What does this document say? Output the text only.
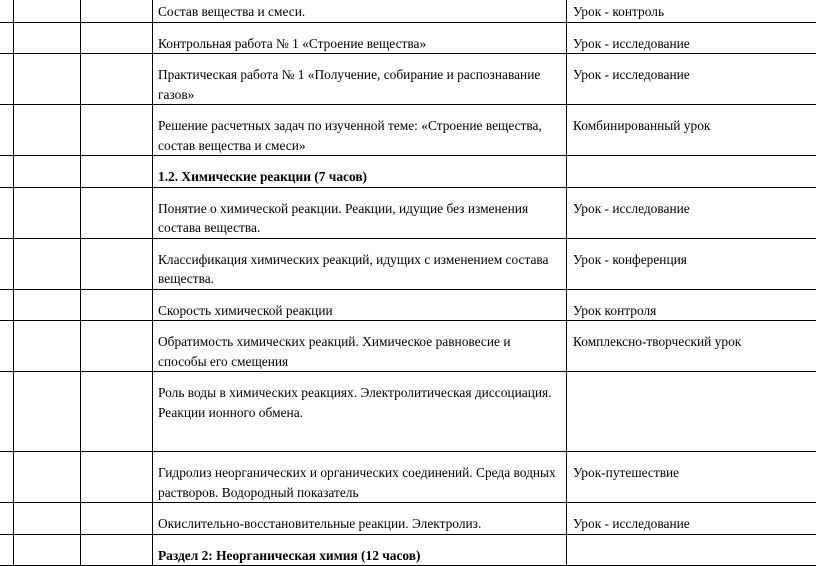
			Состав вещества и смеси.	Урок - контроль
			Контрольная работа № 1 «Строение вещества»	Урок - исследование
			Практическая работа № 1 «Получение, собирание и распознавание газов»	Урок - исследование
			Решение расчетных задач по изученной теме: «Строение вещества, состав вещества и смеси»	Комбинированный урок
			1.2. Химические реакции (7 часов)	
			Понятие о химической реакции. Реакции, идущие без изменения состава вещества.	Урок - исследование
			Классификация химических реакций, идущих с изменением состава вещества.	Урок - конференция
			Скорость химической реакции	Урок контроля
			Обратимость химических реакций. Химическое равновесие и способы его смещения	Комплексно-творческий урок
			Роль воды в химических реакциях. Электролитическая диссоциация. Реакции ионного обмена.	
			Гидролиз неорганических и органических соединений. Среда водных растворов. Водородный показатель	Урок-путешествие
			Окислительно-восстановительные реакции. Электролиз.	Урок - исследование
			Раздел 2: Неорганическая химия (12 часов)	
